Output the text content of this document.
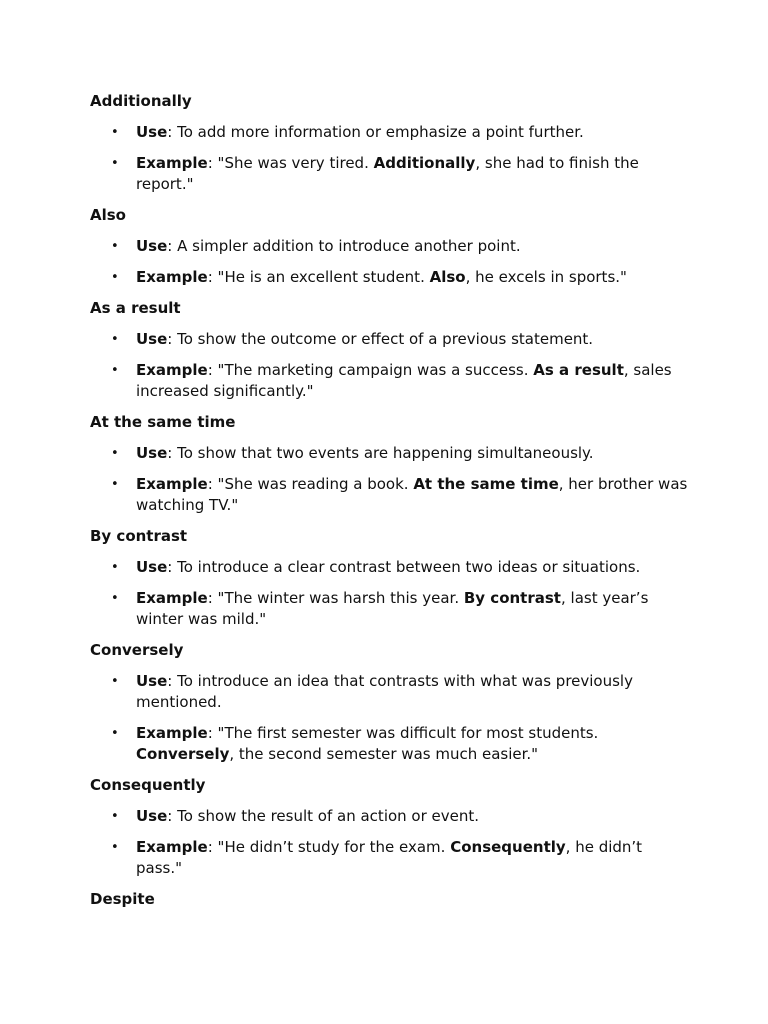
Additionally
• Use: To add more information or emphasize a point further.
• Example: "She was very tired. Additionally, she had to finish the report."
Also
• Use: A simpler addition to introduce another point.
• Example: "He is an excellent student. Also, he excels in sports."
As a result
• Use: To show the outcome or effect of a previous statement.
• Example: "The marketing campaign was a success. As a result, sales increased significantly."
At the same time
• Use: To show that two events are happening simultaneously.
• Example: "She was reading a book. At the same time, her brother was watching TV."
By contrast
• Use: To introduce a clear contrast between two ideas or situations.
• Example: "The winter was harsh this year. By contrast, last year’s winter was mild."
Conversely
• Use: To introduce an idea that contrasts with what was previously mentioned.
• Example: "The first semester was difficult for most students. Conversely, the second semester was much easier."
Consequently
• Use: To show the result of an action or event.
• Example: "He didn’t study for the exam. Consequently, he didn’t pass."
Despite
